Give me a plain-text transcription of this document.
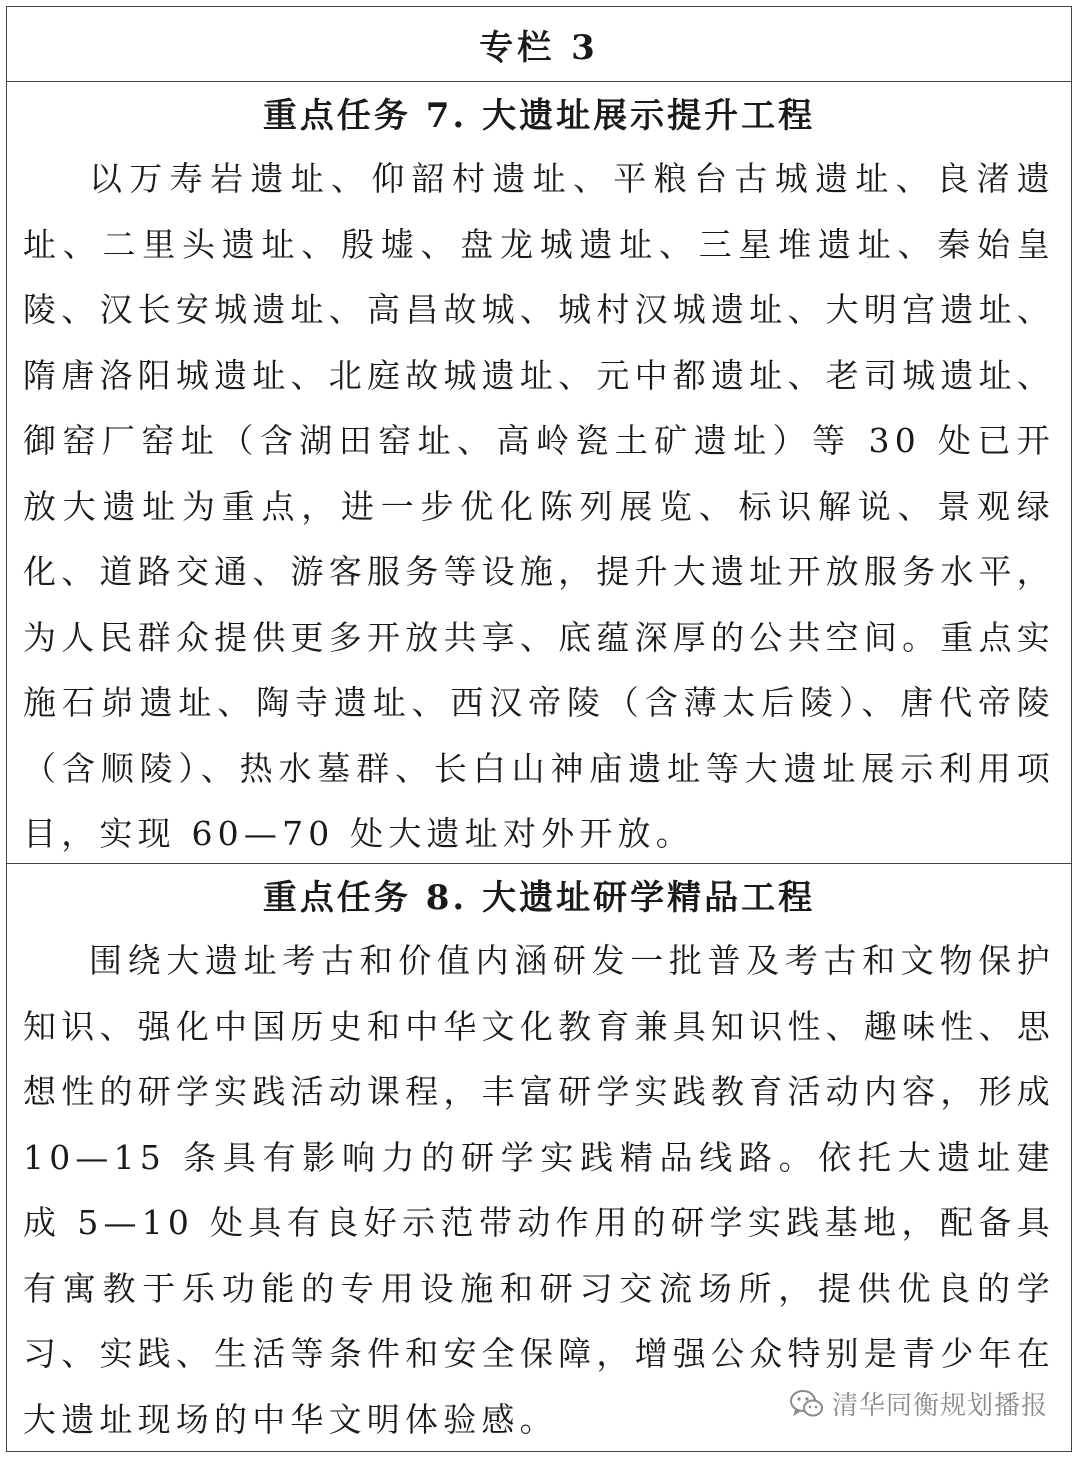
专栏 3
重点任务 7. 大遗址展示提升工程

以万寿岩遗址、仰韶村遗址、平粮台古城遗址、良渚遗址、二里头遗址、殷墟、盘龙城遗址、三星堆遗址、秦始皇陵、汉长安城遗址、高昌故城、城村汉城遗址、大明宫遗址、隋唐洛阳城遗址、北庭故城遗址、元中都遗址、老司城遗址、御窑厂窑址（含湖田窑址、高岭瓷土矿遗址）等 30 处已开放大遗址为重点，进一步优化陈列展览、标识解说、景观绿化、道路交通、游客服务等设施，提升大遗址开放服务水平，为人民群众提供更多开放共享、底蕴深厚的公共空间。重点实施石峁遗址、陶寺遗址、西汉帝陵（含薄太后陵）、唐代帝陵（含顺陵）、热水墓群、长白山神庙遗址等大遗址展示利用项目，实现 60—70 处大遗址对外开放。

重点任务 8. 大遗址研学精品工程

围绕大遗址考古和价值内涵研发一批普及考古和文物保护知识、强化中国历史和中华文化教育兼具知识性、趣味性、思想性的研学实践活动课程，丰富研学实践教育活动内容，形成 10—15 条具有影响力的研学实践精品线路。依托大遗址建成 5—10 处具有良好示范带动作用的研学实践基地，配备具有寓教于乐功能的专用设施和研习交流场所，提供优良的学习、实践、生活等条件和安全保障，增强公众特别是青少年在大遗址现场的中华文明体验感。	清华同衡规划播报
